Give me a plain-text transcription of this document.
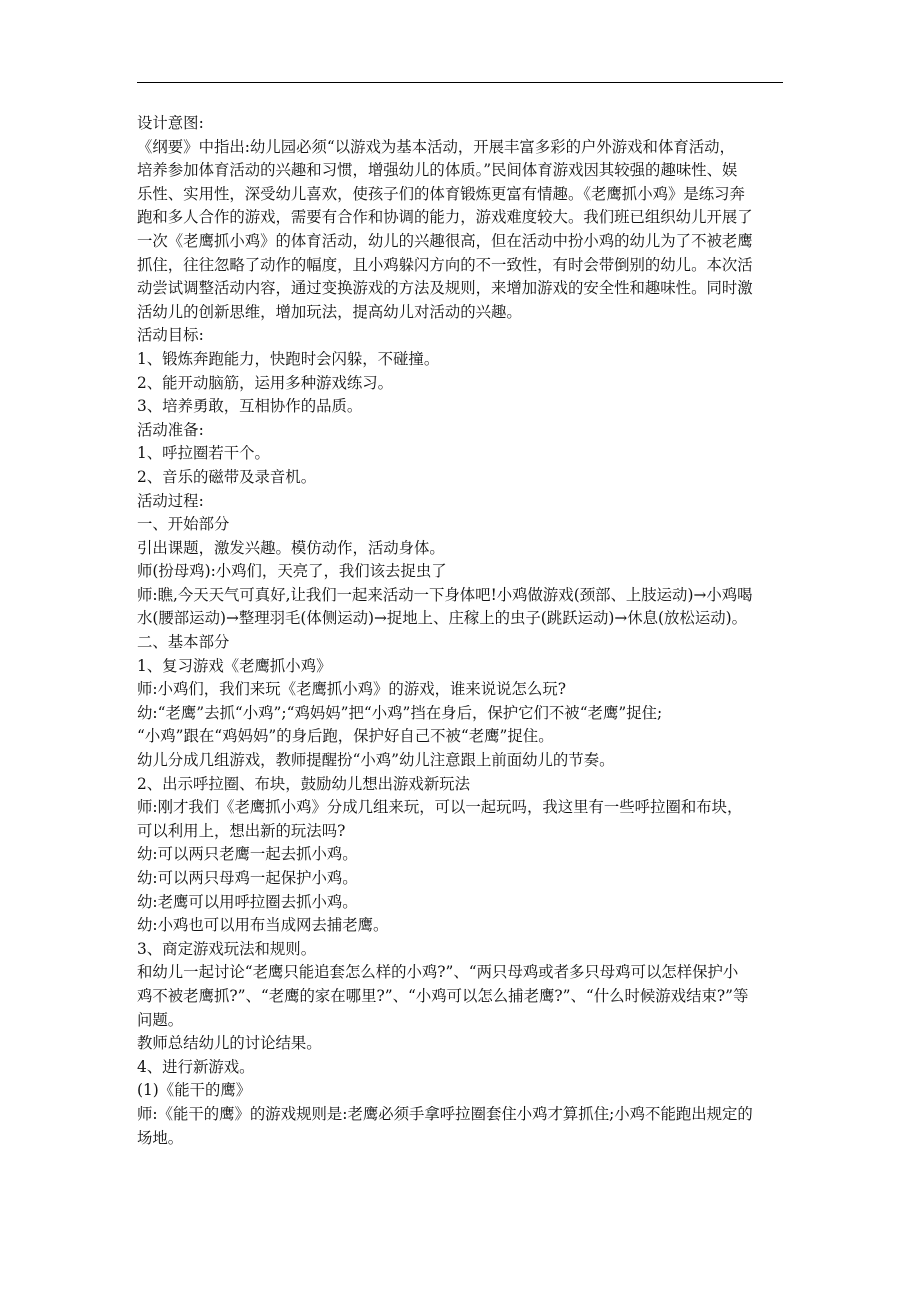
设计意图:
《纲要》中指出:幼儿园必须“以游戏为基本活动，开展丰富多彩的户外游戏和体育活动，
培养参加体育活动的兴趣和习惯，增强幼儿的体质。”民间体育游戏因其较强的趣味性、娱
乐性、实用性，深受幼儿喜欢，使孩子们的体育锻炼更富有情趣。《老鹰抓小鸡》是练习奔
跑和多人合作的游戏，需要有合作和协调的能力，游戏难度较大。我们班已组织幼儿开展了
一次《老鹰抓小鸡》的体育活动，幼儿的兴趣很高，但在活动中扮小鸡的幼儿为了不被老鹰
抓住，往往忽略了动作的幅度，且小鸡躲闪方向的不一致性，有时会带倒别的幼儿。本次活
动尝试调整活动内容，通过变换游戏的方法及规则，来增加游戏的安全性和趣味性。同时激
活幼儿的创新思维，增加玩法，提高幼儿对活动的兴趣。
活动目标:
1、锻炼奔跑能力，快跑时会闪躲，不碰撞。
2、能开动脑筋，运用多种游戏练习。
3、培养勇敢，互相协作的品质。
活动准备:
1、呼拉圈若干个。
2、音乐的磁带及录音机。
活动过程:
一、开始部分
引出课题，激发兴趣。模仿动作，活动身体。
师(扮母鸡):小鸡们，天亮了，我们该去捉虫了
师:瞧,今天天气可真好,让我们一起来活动一下身体吧!小鸡做游戏(颈部、上肢运动)→小鸡喝
水(腰部运动)→整理羽毛(体侧运动)→捉地上、庄稼上的虫子(跳跃运动)→休息(放松运动)。
二、基本部分
1、复习游戏《老鹰抓小鸡》
师:小鸡们，我们来玩《老鹰抓小鸡》的游戏，谁来说说怎么玩?
幼:“老鹰”去抓“小鸡”;“鸡妈妈”把“小鸡”挡在身后，保护它们不被“老鹰”捉住;
“小鸡”跟在“鸡妈妈”的身后跑，保护好自己不被“老鹰”捉住。
幼儿分成几组游戏，教师提醒扮“小鸡”幼儿注意跟上前面幼儿的节奏。
2、出示呼拉圈、布块，鼓励幼儿想出游戏新玩法
师:刚才我们《老鹰抓小鸡》分成几组来玩，可以一起玩吗，我这里有一些呼拉圈和布块，
可以利用上，想出新的玩法吗?
幼:可以两只老鹰一起去抓小鸡。
幼:可以两只母鸡一起保护小鸡。
幼:老鹰可以用呼拉圈去抓小鸡。
幼:小鸡也可以用布当成网去捕老鹰。
3、商定游戏玩法和规则。
和幼儿一起讨论“老鹰只能追套怎么样的小鸡?”、“两只母鸡或者多只母鸡可以怎样保护小
鸡不被老鹰抓?”、“老鹰的家在哪里?”、“小鸡可以怎么捕老鹰?”、“什么时候游戏结束?”等
问题。
教师总结幼儿的讨论结果。
4、进行新游戏。
(1)《能干的鹰》
师:《能干的鹰》的游戏规则是:老鹰必须手拿呼拉圈套住小鸡才算抓住;小鸡不能跑出规定的
场地。
